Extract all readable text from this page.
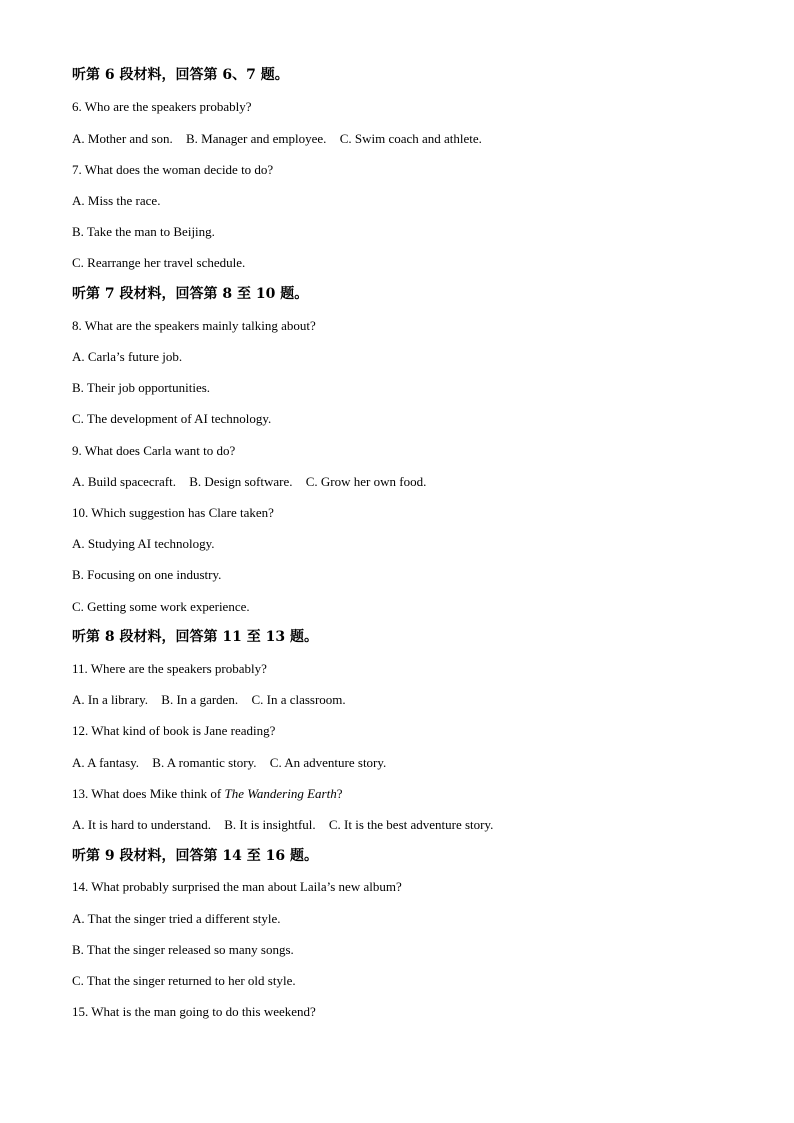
听第 6 段材料，回答第 6、7 题。
6. Who are the speakers probably?
A. Mother and son. B. Manager and employee. C. Swim coach and athlete.
7. What does the woman decide to do?
A. Miss the race.
B. Take the man to Beijing.
C. Rearrange her travel schedule.
听第 7 段材料，回答第 8 至 10 题。
8. What are the speakers mainly talking about?
A. Carla’s future job.
B. Their job opportunities.
C. The development of AI technology.
9. What does Carla want to do?
A. Build spacecraft. B. Design software. C. Grow her own food.
10. Which suggestion has Clare taken?
A. Studying AI technology.
B. Focusing on one industry.
C. Getting some work experience.
听第 8 段材料，回答第 11 至 13 题。
11. Where are the speakers probably?
A. In a library. B. In a garden. C. In a classroom.
12. What kind of book is Jane reading?
A. A fantasy. B. A romantic story. C. An adventure story.
13. What does Mike think of The Wandering Earth?
A. It is hard to understand. B. It is insightful. C. It is the best adventure story.
听第 9 段材料，回答第 14 至 16 题。
14. What probably surprised the man about Laila’s new album?
A. That the singer tried a different style.
B. That the singer released so many songs.
C. That the singer returned to her old style.
15. What is the man going to do this weekend?
